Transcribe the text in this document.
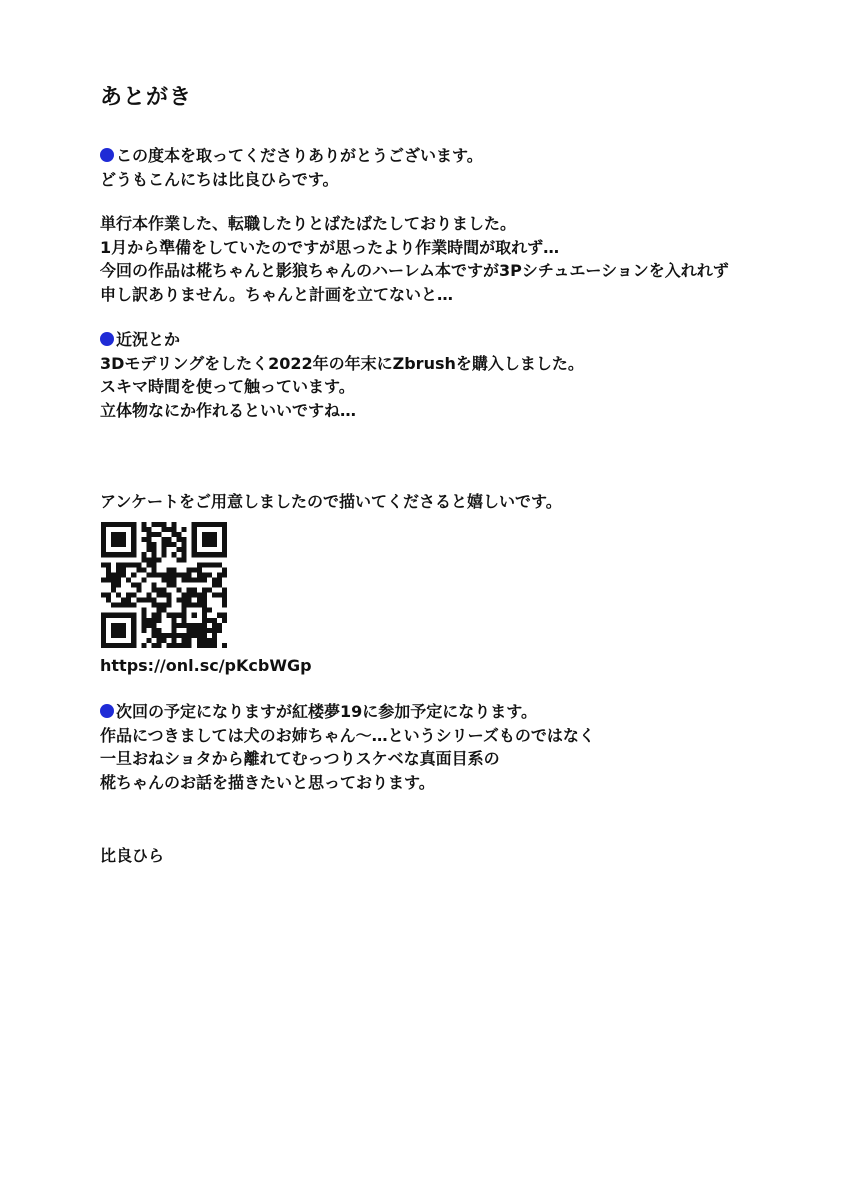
あとがき
この度本を取ってくださりありがとうございます。
どうもこんにちは比良ひらです。
単行本作業した、転職したりとばたばたしておりました。
1月から準備をしていたのですが思ったより作業時間が取れず…
今回の作品は椛ちゃんと影狼ちゃんのハーレム本ですが3Pシチュエーションを入れれず
申し訳ありません。ちゃんと計画を立てないと…
近況とか
3Dモデリングをしたく2022年の年末にZbrushを購入しました。
スキマ時間を使って触っています。
立体物なにか作れるといいですね…
アンケートをご用意しましたので描いてくださると嬉しいです。
https://onl.sc/pKcbWGp
次回の予定になりますが紅楼夢19に参加予定になります。
作品につきましては犬のお姉ちゃん〜…というシリーズものではなく
一旦おねショタから離れてむっつりスケベな真面目系の
椛ちゃんのお話を描きたいと思っております。
比良ひら
